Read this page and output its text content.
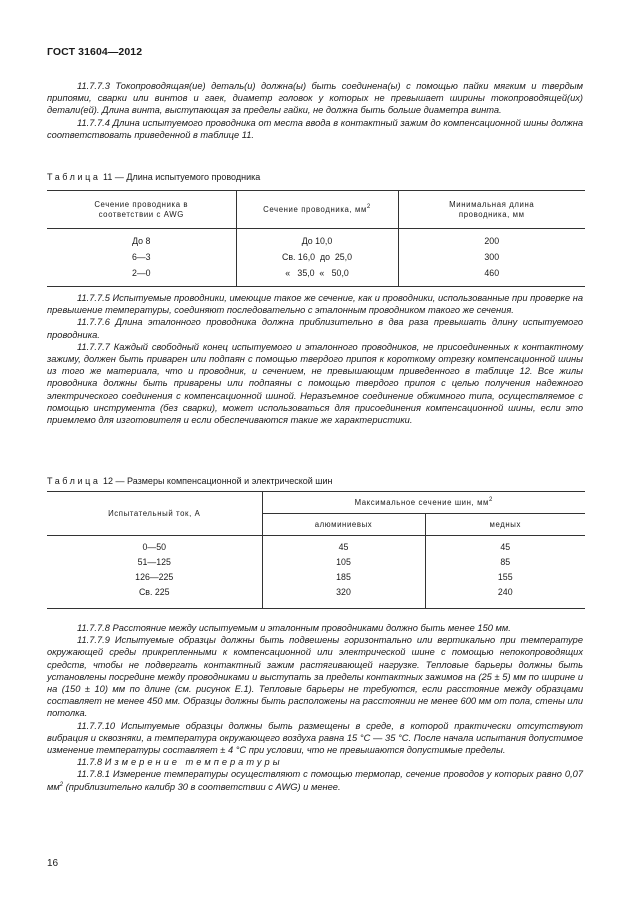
ГОСТ 31604—2012

11.7.7.3 Токопроводящая(ие) деталь(и) должна(ы) быть соединена(ы) с помощью пайки мягким и твердым припоями, сварки или винтов и гаек, диаметр головок у которых не превышает ширины токопроводящей(их) детали(ей). Длина винта, выступающая за пределы гайки, не должна быть больше диаметра винта.

11.7.7.4 Длина испытуемого проводника от места ввода в контактный зажим до компенсационной шины должна соответствовать приведенной в таблице 11.

Таблица 11 — Длина испытуемого проводника
Сечение проводника в соответствии с AWG	Сечение проводника, $мм^2$	Минимальная длина проводника, мм

До 8	До 10,0	200
6—3	Св. 16,0  до  25,0	300
2—0	«   35,0  «   50,0	460

11.7.7.5 Испытуемые проводники, имеющие такое же сечение, как и проводники, использованные при проверке на превышение температуры, соединяют последовательно с эталонным проводником такого же сечения.

11.7.7.6 Длина эталонного проводника должна приблизительно в два раза превышать длину испытуемого проводника.

11.7.7.7 Каждый свободный конец испытуемого и эталонного проводников, не присоединенных к контактному зажиму, должен быть приварен или подпаян с помощью твердого припоя к короткому отрезку компенсационной шины из того же материала, что и проводник, и сечением, не превышающим приведенного в таблице 12. Все жилы проводника должны быть приварены или подпаяны с помощью твердого припоя с целью получения надежного электрического соединения с компенсационной шиной. Неразъемное соединение обжимного типа, осуществляемое с помощью инструмента (без сварки), может использоваться для присоединения компенсационной шины, если это приемлемо для изготовителя и если обеспечиваются такие же характеристики.

Таблица 12 — Размеры компенсационной и электрической шин
Испытательный ток, А	Максимальное сечение шин, $мм^2$
	алюминиевых	медных
0—50	45	45
51—125	105	85
126—225	185	155
Св. 225	320	240

11.7.7.8 Расстояние между испытуемым и эталонным проводниками должно быть менее 150 мм.

11.7.7.9 Испытуемые образцы должны быть подвешены горизонтально или вертикально при температуре окружающей среды прикрепленными к компенсационной или электрической шине с помощью непокопроводящих средств, чтобы не подвергать контактный зажим растягивающей нагрузке. Тепловые барьеры должны быть установлены посредине между проводниками и выступать за пределы контактных зажимов на (25 ± 5) мм по ширине и на (150 ± 10) мм по длине (см. рисунок Е.1). Тепловые барьеры не требуются, если расстояние между образцами составляет не менее 450 мм. Образцы должны быть расположены на расстоянии не менее 600 мм от пола, стены или потолка.

11.7.7.10 Испытуемые образцы должны быть размещены в среде, в которой практически отсутствуют вибрация и сквозняки, а температура окружающего воздуха равна 15 °С — 35 °С. После начала испытания допустимое изменение температуры составляет ± 4 °С при условии, что не превышаются допустимые пределы.

11.7.8 Измерение температуры

11.7.8.1 Измерение температуры осуществляют с помощью термопар, сечение проводов у которых равно 0,07 $мм^2$ (приблизительно калибр 30 в соответствии с AWG) и менее.

16
